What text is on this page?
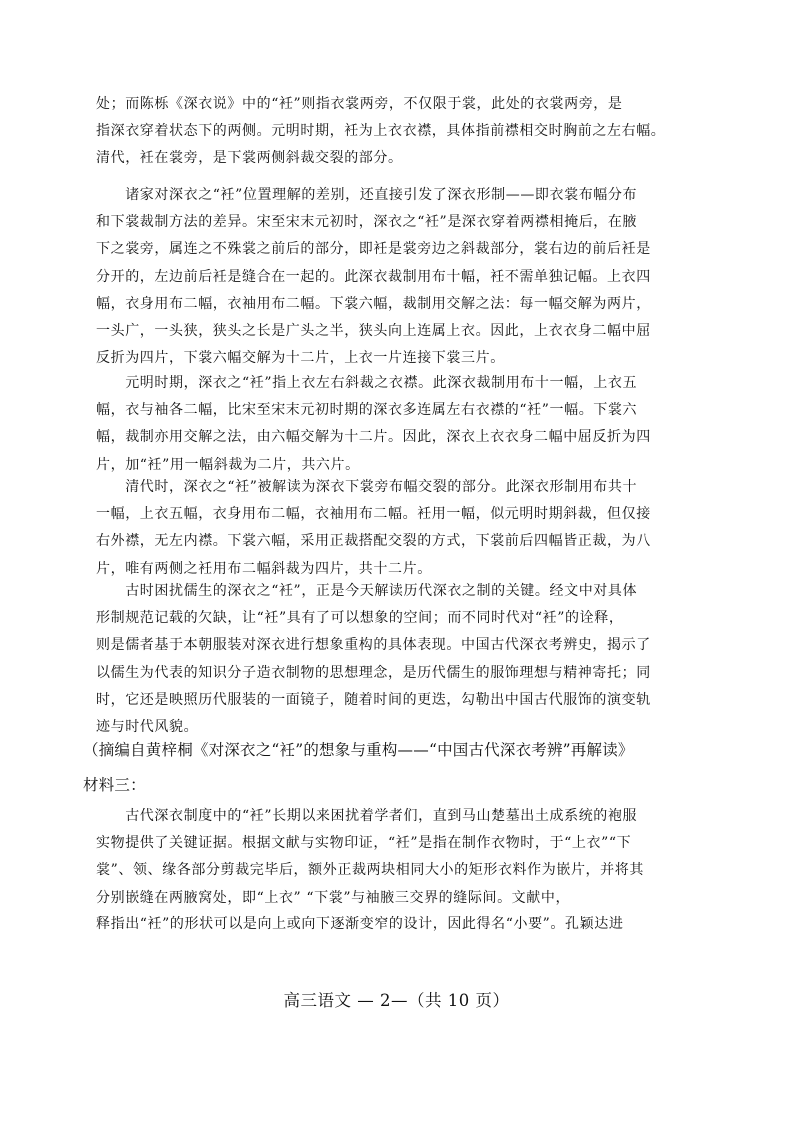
处；而陈栎《深衣说》中的“衽”则指衣裳两旁，不仅限于裳，此处的衣裳两旁，是
指深衣穿着状态下的两侧。元明时期，衽为上衣衣襟，具体指前襟相交时胸前之左右幅。
清代，衽在裳旁，是下裳两侧斜裁交裂的部分。
　　诸家对深衣之“衽”位置理解的差别，还直接引发了深衣形制——即衣裳布幅分布
和下裳裁制方法的差异。宋至宋末元初时，深衣之“衽”是深衣穿着两襟相掩后，在腋
下之裳旁，属连之不殊裳之前后的部分，即衽是裳旁边之斜裁部分，裳右边的前后衽是
分开的，左边前后衽是缝合在一起的。此深衣裁制用布十幅，衽不需单独记幅。上衣四
幅，衣身用布二幅，衣袖用布二幅。下裳六幅，裁制用交解之法：每一幅交解为两片，
一头广，一头狭，狭头之长是广头之半，狭头向上连属上衣。因此，上衣衣身二幅中屈
反折为四片，下裳六幅交解为十二片，上衣一片连接下裳三片。
　　元明时期，深衣之“衽”指上衣左右斜裁之衣襟。此深衣裁制用布十一幅，上衣五
幅，衣与袖各二幅，比宋至宋末元初时期的深衣多连属左右衣襟的“衽”一幅。下裳六
幅，裁制亦用交解之法，由六幅交解为十二片。因此，深衣上衣衣身二幅中屈反折为四
片，加“衽”用一幅斜裁为二片，共六片。
　　清代时，深衣之“衽”被解读为深衣下裳旁布幅交裂的部分。此深衣形制用布共十
一幅，上衣五幅，衣身用布二幅，衣袖用布二幅。衽用一幅，似元明时期斜裁，但仅接
右外襟，无左内襟。下裳六幅，采用正裁搭配交裂的方式，下裳前后四幅皆正裁，为八
片，唯有两侧之衽用布二幅斜裁为四片，共十二片。
　　古时困扰儒生的深衣之“衽”，正是今天解读历代深衣之制的关键。经文中对具体
形制规范记载的欠缺，让“衽”具有了可以想象的空间；而不同时代对“衽”的诠释，
则是儒者基于本朝服装对深衣进行想象重构的具体表现。中国古代深衣考辨史，揭示了
以儒生为代表的知识分子造衣制物的思想理念，是历代儒生的服饰理想与精神寄托；同
时，它还是映照历代服装的一面镜子，随着时间的更迭，勾勒出中国古代服饰的演变轨
迹与时代风貌。
（摘编自黄梓桐《对深衣之“衽”的想象与重构——“中国古代深衣考辨”再解读》
材料三：
　　古代深衣制度中的“衽”长期以来困扰着学者们，直到马山楚墓出土成系统的袍服
实物提供了关键证据。根据文献与实物印证，“衽”是指在制作衣物时，于“上衣”“下
裳”、领、缘各部分剪裁完毕后，额外正裁两块相同大小的矩形衣料作为嵌片，并将其
分别嵌缝在两腋窝处，即“上衣” “下裳”与袖腋三交界的缝际间。文献中，
释指出“衽”的形状可以是向上或向下逐渐变窄的设计，因此得名“小要”。孔颖达进
高三语文 — 2—（共 10 页）
